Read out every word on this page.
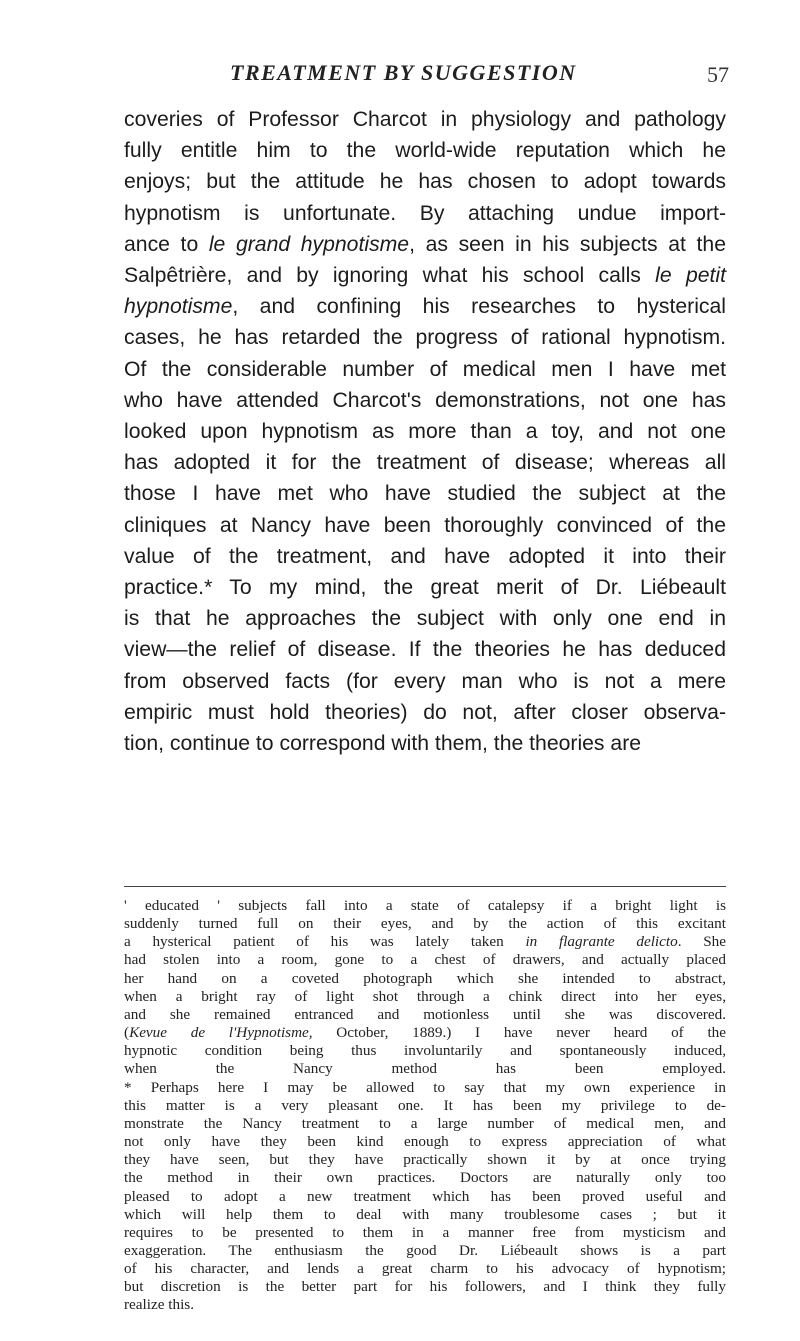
TREATMENT BY SUGGESTION	57
coveries of Professor Charcot in physiology and pathology
fully entitle him to the world-wide reputation which he
enjoys; but the attitude he has chosen to adopt towards
hypnotism is unfortunate. By attaching undue import-
ance to le grand hypnotisme, as seen in his subjects at the
Salpêtrière, and by ignoring what his school calls le petit
hypnotisme, and confining his researches to hysterical
cases, he has retarded the progress of rational hypnotism.
Of the considerable number of medical men I have met
who have attended Charcot's demonstrations, not one has
looked upon hypnotism as more than a toy, and not one
has adopted it for the treatment of disease; whereas all
those I have met who have studied the subject at the
cliniques at Nancy have been thoroughly convinced of the
value of the treatment, and have adopted it into their
practice.* To my mind, the great merit of Dr. Liébeault
is that he approaches the subject with only one end in
view—the relief of disease. If the theories he has deduced
from observed facts (for every man who is not a mere
empiric must hold theories) do not, after closer observa-
tion, continue to correspond with them, the theories are
' educated ' subjects fall into a state of catalepsy if a bright light is
suddenly turned full on their eyes, and by the action of this excitant
a hysterical patient of his was lately taken in flagrante delicto. She
had stolen into a room, gone to a chest of drawers, and actually placed
her hand on a coveted photograph which she intended to abstract,
when a bright ray of light shot through a chink direct into her eyes,
and she remained entranced and motionless until she was discovered.
(Kevue de l'Hypnotisme, October, 1889.) I have never heard of the
hypnotic condition being thus involuntarily and spontaneously induced,
when the Nancy method has been employed.
* Perhaps here I may be allowed to say that my own experience in
this matter is a very pleasant one. It has been my privilege to de-
monstrate the Nancy treatment to a large number of medical men, and
not only have they been kind enough to express appreciation of what
they have seen, but they have practically shown it by at once trying
the method in their own practices. Doctors are naturally only too
pleased to adopt a new treatment which has been proved useful and
which will help them to deal with many troublesome cases ; but it
requires to be presented to them in a manner free from mysticism and
exaggeration. The enthusiasm the good Dr. Liébeault shows is a part
of his character, and lends a great charm to his advocacy of hypnotism;
but discretion is the better part for his followers, and I think they fully
realize this.
